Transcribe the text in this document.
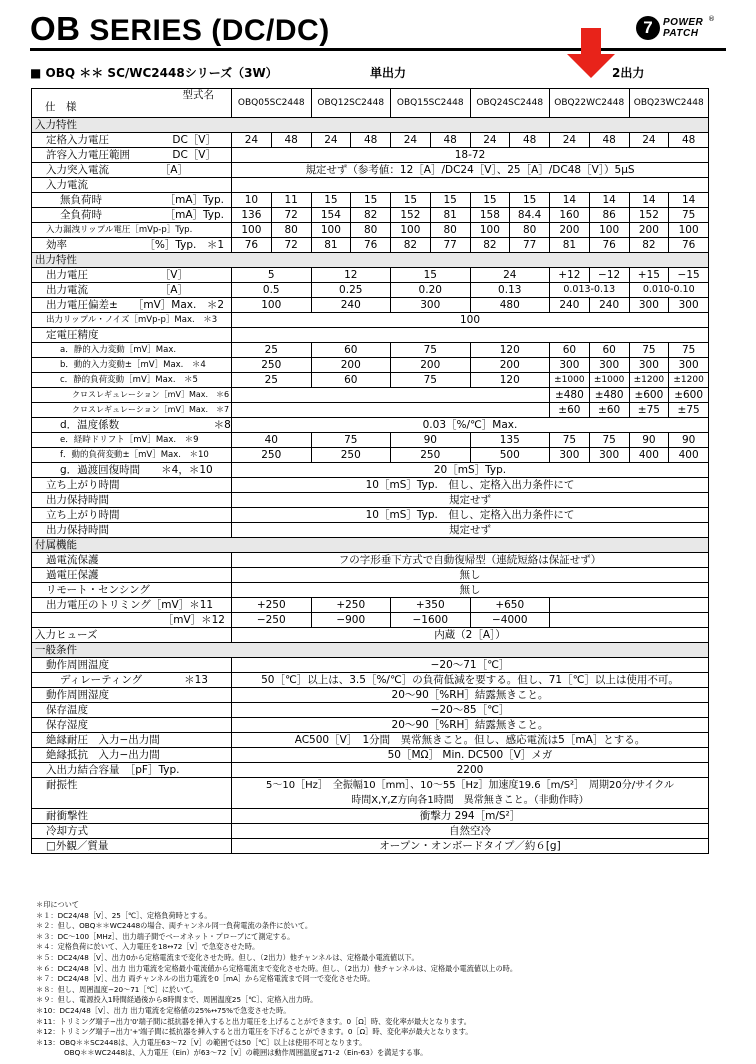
OB SERIES (DC/DC)	7	POWER
PATCH
®
■ OBQ ＊＊ SC/WC2448シリーズ（3W）	単出力	2出力
型式名
仕　様	OBQ05SC2448		OBQ12SC2448		OBQ15SC2448		OBQ24SC2448		OBQ22WC2448		OBQ23WC2448	
入力特性												
定格入力電圧 DC［V］	24	48	24	48	24	48	24	48	24	48	24	48
許容入力電圧範囲 DC［V］	18-72											
入力突入電流 ［A］	規定せず（参考値：12［A］/DC24［V］、25［A］/DC48［V］）5μS											
入力電流												
無負荷時 ［mA］Typ.	10	11	15	15	15	15	15	15	14	14	14	14
全負荷時 ［mA］Typ.	136	72	154	82	152	81	158	84.4	160	86	152	75
入力漏洩リップル電圧［mVp-p］Typ.	100	80	100	80	100	80	100	80	200	100	200	100
効率 ［%］Typ.　＊1	76	72	81	76	82	77	82	77	81	76	82	76
出力特性												
出力電圧 ［V］	5		12		15		24		+12	−12	+15	−15
出力電流 ［A］	0.5		0.25		0.20		0.13		0.013-0.13		0.010-0.10	
出力電圧偏差± ［mV］Max.　＊2	100		240		300		480		240	240	300	300
出力リップル・ノイズ［mVp-p］Max.　＊3	100											
定電圧精度												
a．静的入力変動［mV］Max.	25		60		75		120		60	60	75	75
b．動的入力変動±［mV］Max.　＊4	250		200		200		200		300	300	300	300
c．静的負荷変動［mV］Max.　＊5	25		60		75		120		±1000	±1000	±1200	±1200
クロスレギュレーション［mV］Max.　＊6									±480	±480	±600	±600
クロスレギュレーション［mV］Max.　＊7									±60	±60	±75	±75
d．温度係数　　　　　　　　　＊8	0.03［%/℃］Max.											
e．経時ドリフト［mV］Max.　＊9	40		75		90		135		75	75	90	90
f．動的負荷変動±［mV］Max.　＊10	250		250		250		500		300	300	400	400
g．過渡回復時間　　＊4，＊10	20［mS］Typ.											
立ち上がり時間	10［mS］Typ.　但し、定格入出力条件にて											
出力保持時間	規定せず											
立ち上がり時間	10［mS］Typ.　但し、定格入出力条件にて											
出力保持時間	規定せず											
付属機能												
過電流保護	フの字形垂下方式で自動復帰型（連続短絡は保証せず）											
過電圧保護	無し											
リモート・センシング	無し											
出力電圧のトリミング［mV］＊11	+250		+250		+350		+650					
［mV］＊12	−250		−900		−1600		−4000					
入力ヒューズ	内蔵（2［A］）											
一般条件												
動作周囲温度	−20〜71［℃］											
ディレーティング　　　　＊13	50［℃］以上は、3.5［%/℃］の負荷低減を要する。但し、71［℃］以上は使用不可。											
動作周囲湿度	20〜90［%RH］結露無きこと。											
保存温度	−20〜85［℃］											
保存湿度	20〜90［%RH］結露無きこと。											
絶縁耐圧　入力−出力間	AC500［V］　1分間　異常無きこと。但し、感応電流は5［mA］とする。											
絶縁抵抗　入力−出力間	50［MΩ］ Min. DC500［V］メガ											
入出力結合容量　［pF］Typ.	2200											
耐振性	5〜10［Hz］　全振幅10［mm］、10〜55［Hz］加速度19.6［m/S²］　周期20分/サイクル
時間X,Y,Z方向各1時間　異常無きこと。（非動作時）											

耐衝撃性	衝撃力 294［m/S²］											
冷却方式	自然空冷											
□外観／質量	オープン・オンボードタイプ／約６[g]											
＊印について
＊１：DC24/48［V］、25［℃］、定格負荷時とする。
＊２：但し、OBQ＊＊WC2448の場合、両チャンネル同一負荷電流の条件に於いて。
＊３：DC〜100［MHz］、出力端子間でベーオネット・プローブにて測定する。
＊４：定格負荷に於いて、入力電圧を18↔72［V］で急変させた時。
＊５：DC24/48［V］、出力0から定格電流まで変化させた時。但し、（2出力）他チャンネルは、定格最小電流値以下。
＊６：DC24/48［V］、出力 出力電流を定格最小電流値から定格電流まで変化させた時。但し、（2出力）他チャンネルは、定格最小電流値以上の時。
＊７：DC24/48［V］、出力 両チャンネルの出力電流を0［mA］から定格電流まで同一で変化させた時。
＊８：但し、周囲温度−20〜71［℃］に於いて。
＊９：但し、電源投入1時間経過後から8時間まで、周囲温度25［℃］、定格入出力時。
＊10：DC24/48［V］、出力 出力電流を定格値の25%↔75%で急変させた時。
＊11：トリミング端子−出力'0'端子間に抵抗器を挿入すると出力電圧を上げることができます。0［Ω］時、変化率が最大となります。
＊12：トリミング端子−出力'+'端子間に抵抗器を挿入すると出力電圧を下げることができます。0［Ω］時、変化率が最大となります。
＊13：OBQ＊＊SC2448は、入力電圧63〜72［V］の範囲では50［℃］以上は使用不可となります。
OBQ＊＊WC2448は、入力電圧（Ein）が63〜72［V］の範囲は動作周囲温度≦71-2（Ein-63）を満足する事。
